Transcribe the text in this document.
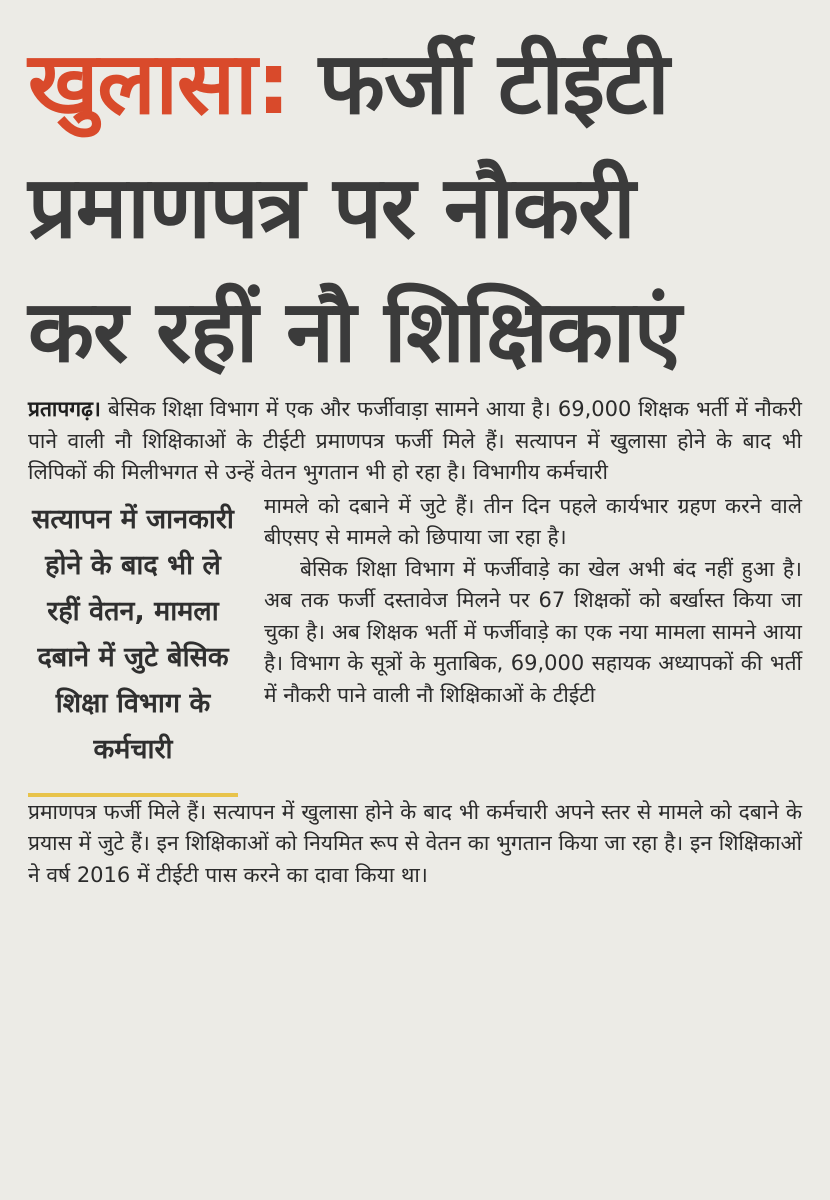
खुलासा: फर्जी टीईटी
प्रमाणपत्र पर नौकरी
कर रहीं नौ शिक्षिकाएं

प्रतापगढ़। बेसिक शिक्षा विभाग में एक और फर्जीवाड़ा सामने आया है। 69,000 शिक्षक भर्ती में नौकरी पाने वाली नौ शिक्षिकाओं के टीईटी प्रमाणपत्र फर्जी मिले हैं। सत्यापन में खुलासा होने के बाद भी लिपिकों की मिलीभगत से उन्हें वेतन भुगतान भी हो रहा है। विभागीय कर्मचारी

सत्यापन में जानकारी होने के बाद भी ले रहीं वेतन, मामला दबाने में जुटे बेसिक शिक्षा विभाग के कर्मचारी

मामले को दबाने में जुटे हैं। तीन दिन पहले कार्यभार ग्रहण करने वाले बीएसए से मामले को छिपाया जा रहा है।

बेसिक शिक्षा विभाग में फर्जीवाड़े का खेल अभी बंद नहीं हुआ है। अब तक फर्जी दस्तावेज मिलने पर 67 शिक्षकों को बर्खास्त किया जा चुका है। अब शिक्षक भर्ती में फर्जीवाड़े का एक नया मामला सामने आया है। विभाग के सूत्रों के मुताबिक, 69,000 सहायक अध्यापकों की भर्ती में नौकरी पाने वाली नौ शिक्षिकाओं के टीईटी

प्रमाणपत्र फर्जी मिले हैं। सत्यापन में खुलासा होने के बाद भी कर्मचारी अपने स्तर से मामले को दबाने के प्रयास में जुटे हैं। इन शिक्षिकाओं को नियमित रूप से वेतन का भुगतान किया जा रहा है। इन शिक्षिकाओं ने वर्ष 2016 में टीईटी पास करने का दावा किया था।
